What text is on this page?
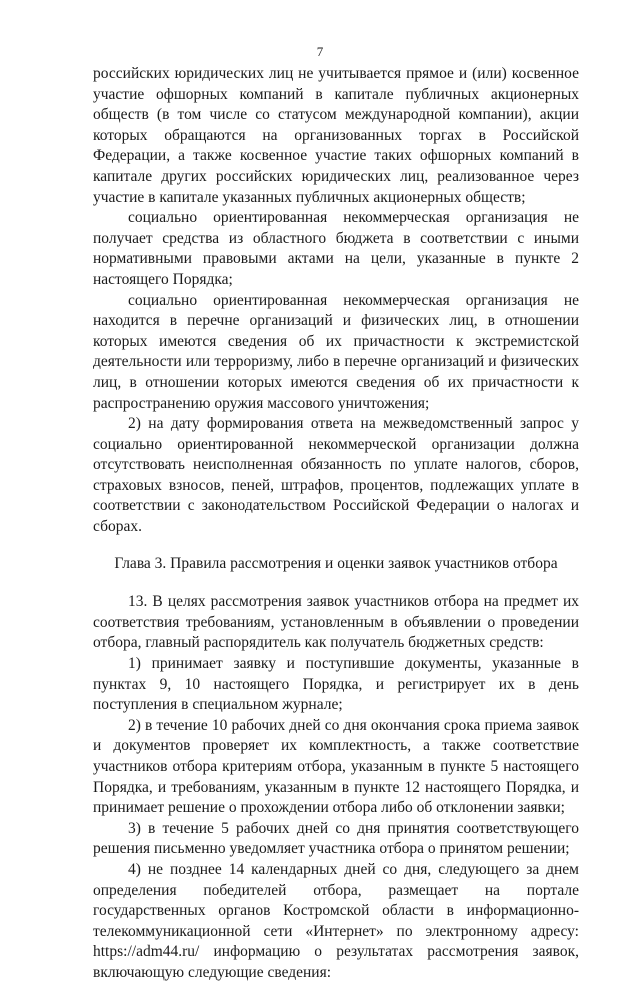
7

российских юридических лиц не учитывается прямое и (или) косвенное участие офшорных компаний в капитале публичных акционерных обществ (в том числе со статусом международной компании), акции которых обращаются на организованных торгах в Российской Федерации, а также косвенное участие таких офшорных компаний в капитале других российских юридических лиц, реализованное через участие в капитале указанных публичных акционерных обществ;

социально ориентированная некоммерческая организация не получает средства из областного бюджета в соответствии с иными нормативными правовыми актами на цели, указанные в пункте 2 настоящего Порядка;

социально ориентированная некоммерческая организация не находится в перечне организаций и физических лиц, в отношении которых имеются сведения об их причастности к экстремистской деятельности или терроризму, либо в перечне организаций и физических лиц, в отношении которых имеются сведения об их причастности к распространению оружия массового уничтожения;

2) на дату формирования ответа на межведомственный запрос у социально ориентированной некоммерческой организации должна отсутствовать неисполненная обязанность по уплате налогов, сборов, страховых взносов, пеней, штрафов, процентов, подлежащих уплате в соответствии с законодательством Российской Федерации о налогах и сборах.

Глава 3. Правила рассмотрения и оценки заявок участников отбора

13. В целях рассмотрения заявок участников отбора на предмет их соответствия требованиям, установленным в объявлении о проведении отбора, главный распорядитель как получатель бюджетных средств:

1) принимает заявку и поступившие документы, указанные в пунктах 9, 10 настоящего Порядка, и регистрирует их в день поступления в специальном журнале;

2) в течение 10 рабочих дней со дня окончания срока приема заявок и документов проверяет их комплектность, а также соответствие участников отбора критериям отбора, указанным в пункте 5 настоящего Порядка, и требованиям, указанным в пункте 12 настоящего Порядка, и принимает решение о прохождении отбора либо об отклонении заявки;

3) в течение 5 рабочих дней со дня принятия соответствующего решения письменно уведомляет участника отбора о принятом решении;

4) не позднее 14 календарных дней со дня, следующего за днем определения победителей отбора, размещает на портале государственных органов Костромской области в информационно-телекоммуникационной сети «Интернет» по электронному адресу: https://adm44.ru/ информацию о результатах рассмотрения заявок, включающую следующие сведения:
